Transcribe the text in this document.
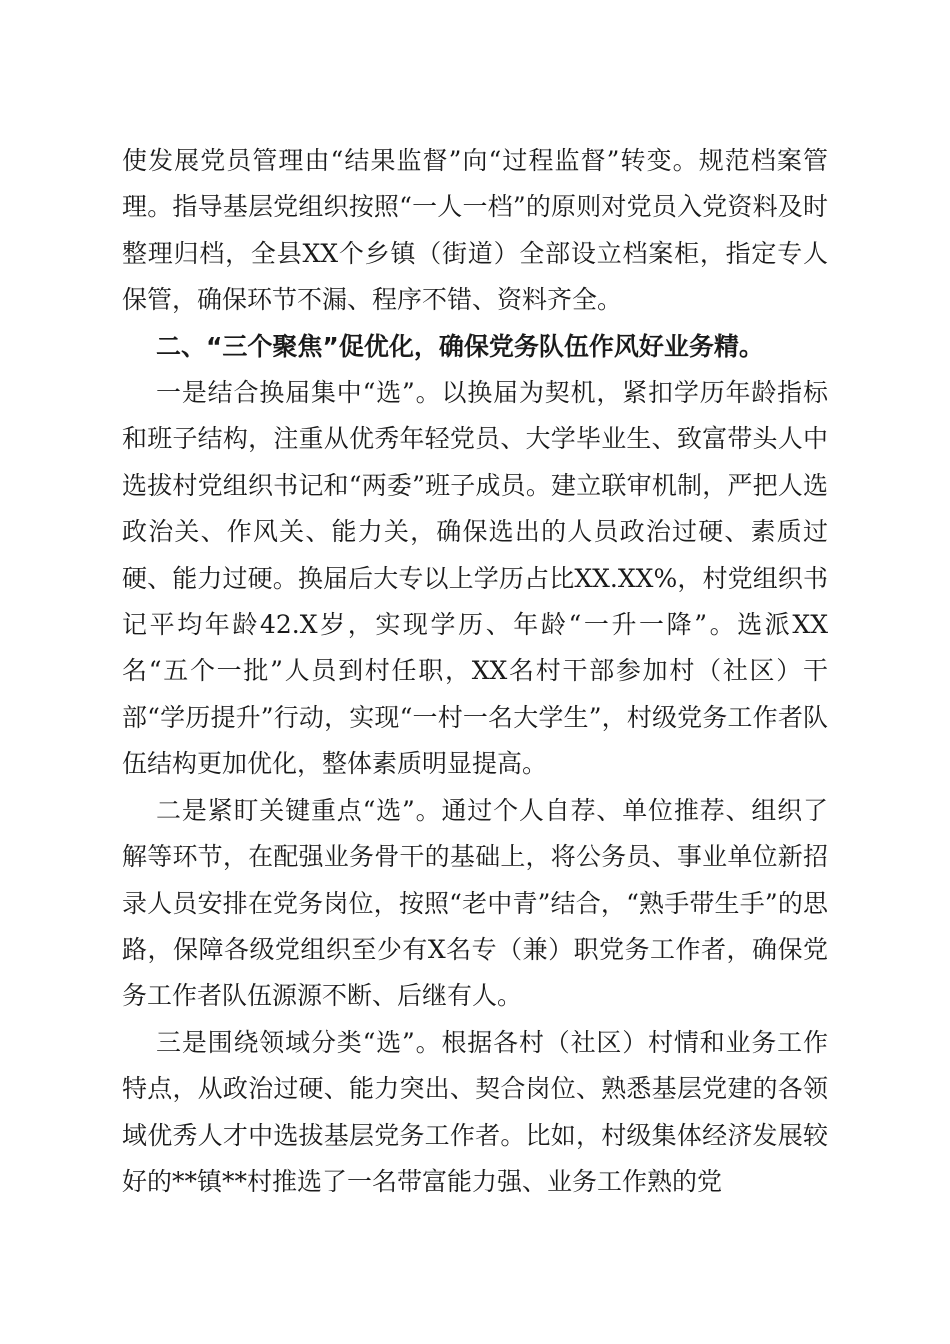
使发展党员管理由“结果监督”向“过程监督”转变。规范档案管理。指导基层党组织按照“一人一档”的原则对党员入党资料及时整理归档，全县XX个乡镇（街道）全部设立档案柜，指定专人保管，确保环节不漏、程序不错、资料齐全。

二、“三个聚焦”促优化，确保党务队伍作风好业务精。

一是结合换届集中“选”。以换届为契机，紧扣学历年龄指标和班子结构，注重从优秀年轻党员、大学毕业生、致富带头人中选拔村党组织书记和“两委”班子成员。建立联审机制，严把人选政治关、作风关、能力关，确保选出的人员政治过硬、素质过硬、能力过硬。换届后大专以上学历占比XX.XX%，村党组织书记平均年龄42.X岁，实现学历、年龄“一升一降”。选派XX名“五个一批”人员到村任职，XX名村干部参加村（社区）干部“学历提升”行动，实现“一村一名大学生”，村级党务工作者队伍结构更加优化，整体素质明显提高。

二是紧盯关键重点“选”。通过个人自荐、单位推荐、组织了解等环节，在配强业务骨干的基础上，将公务员、事业单位新招录人员安排在党务岗位，按照“老中青”结合，“熟手带生手”的思路，保障各级党组织至少有X名专（兼）职党务工作者，确保党务工作者队伍源源不断、后继有人。

三是围绕领域分类“选”。根据各村（社区）村情和业务工作特点，从政治过硬、能力突出、契合岗位、熟悉基层党建的各领域优秀人才中选拔基层党务工作者。比如，村级集体经济发展较好的**镇**村推选了一名带富能力强、业务工作熟的党
